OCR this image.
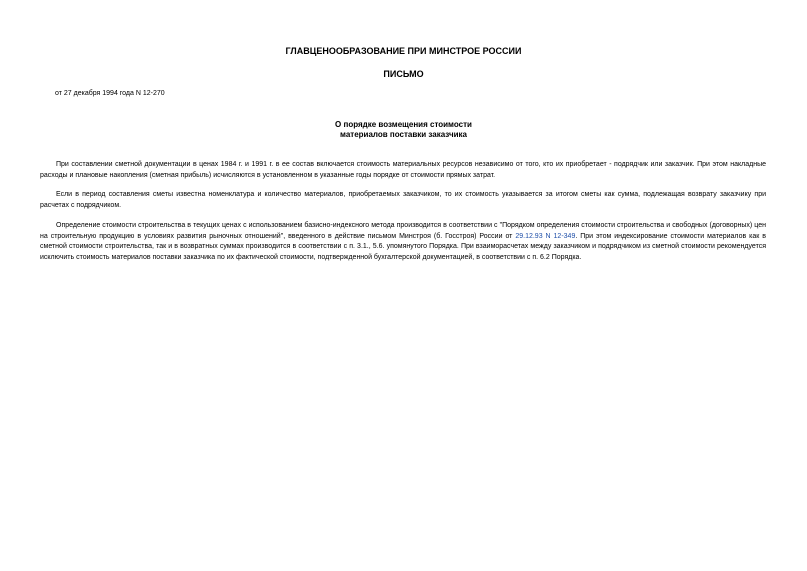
ГЛАВЦЕНООБРАЗОВАНИЕ ПРИ МИНСТРОЕ РОССИИ
ПИСЬМО
от 27 декабря 1994 года N 12-270
О порядке возмещения стоимости
материалов поставки заказчика

При составлении сметной документации в ценах 1984 г. и 1991 г. в ее состав включается стоимость материальных ресурсов независимо от того, кто их приобретает - подрядчик или заказчик. При этом накладные расходы и плановые накопления (сметная прибыль) исчисляются в установленном в указанные годы порядке от стоимости прямых затрат.

Если в период составления сметы известна номенклатура и количество материалов, приобретаемых заказчиком, то их стоимость указывается за итогом сметы как сумма, подлежащая возврату заказчику при расчетах с подрядчиком.

Определение стоимости строительства в текущих ценах с использованием базисно-индексного метода производится в соответствии с "Порядком определения стоимости строительства и свободных (договорных) цен на строительную продукцию в условиях развития рыночных отношений", введенного в действие письмом Минстроя (б. Госстроя) России от 29.12.93 N 12-349. При этом индексирование стоимости материалов как в сметной стоимости строительства, так и в возвратных суммах производится в соответствии с п. 3.1., 5.6. упомянутого Порядка. При взаиморасчетах между заказчиком и подрядчиком из сметной стоимости рекомендуется исключить стоимость материалов поставки заказчика по их фактической стоимости, подтвержденной бухгалтерской документацией, в соответствии с п. 6.2 Порядка.
